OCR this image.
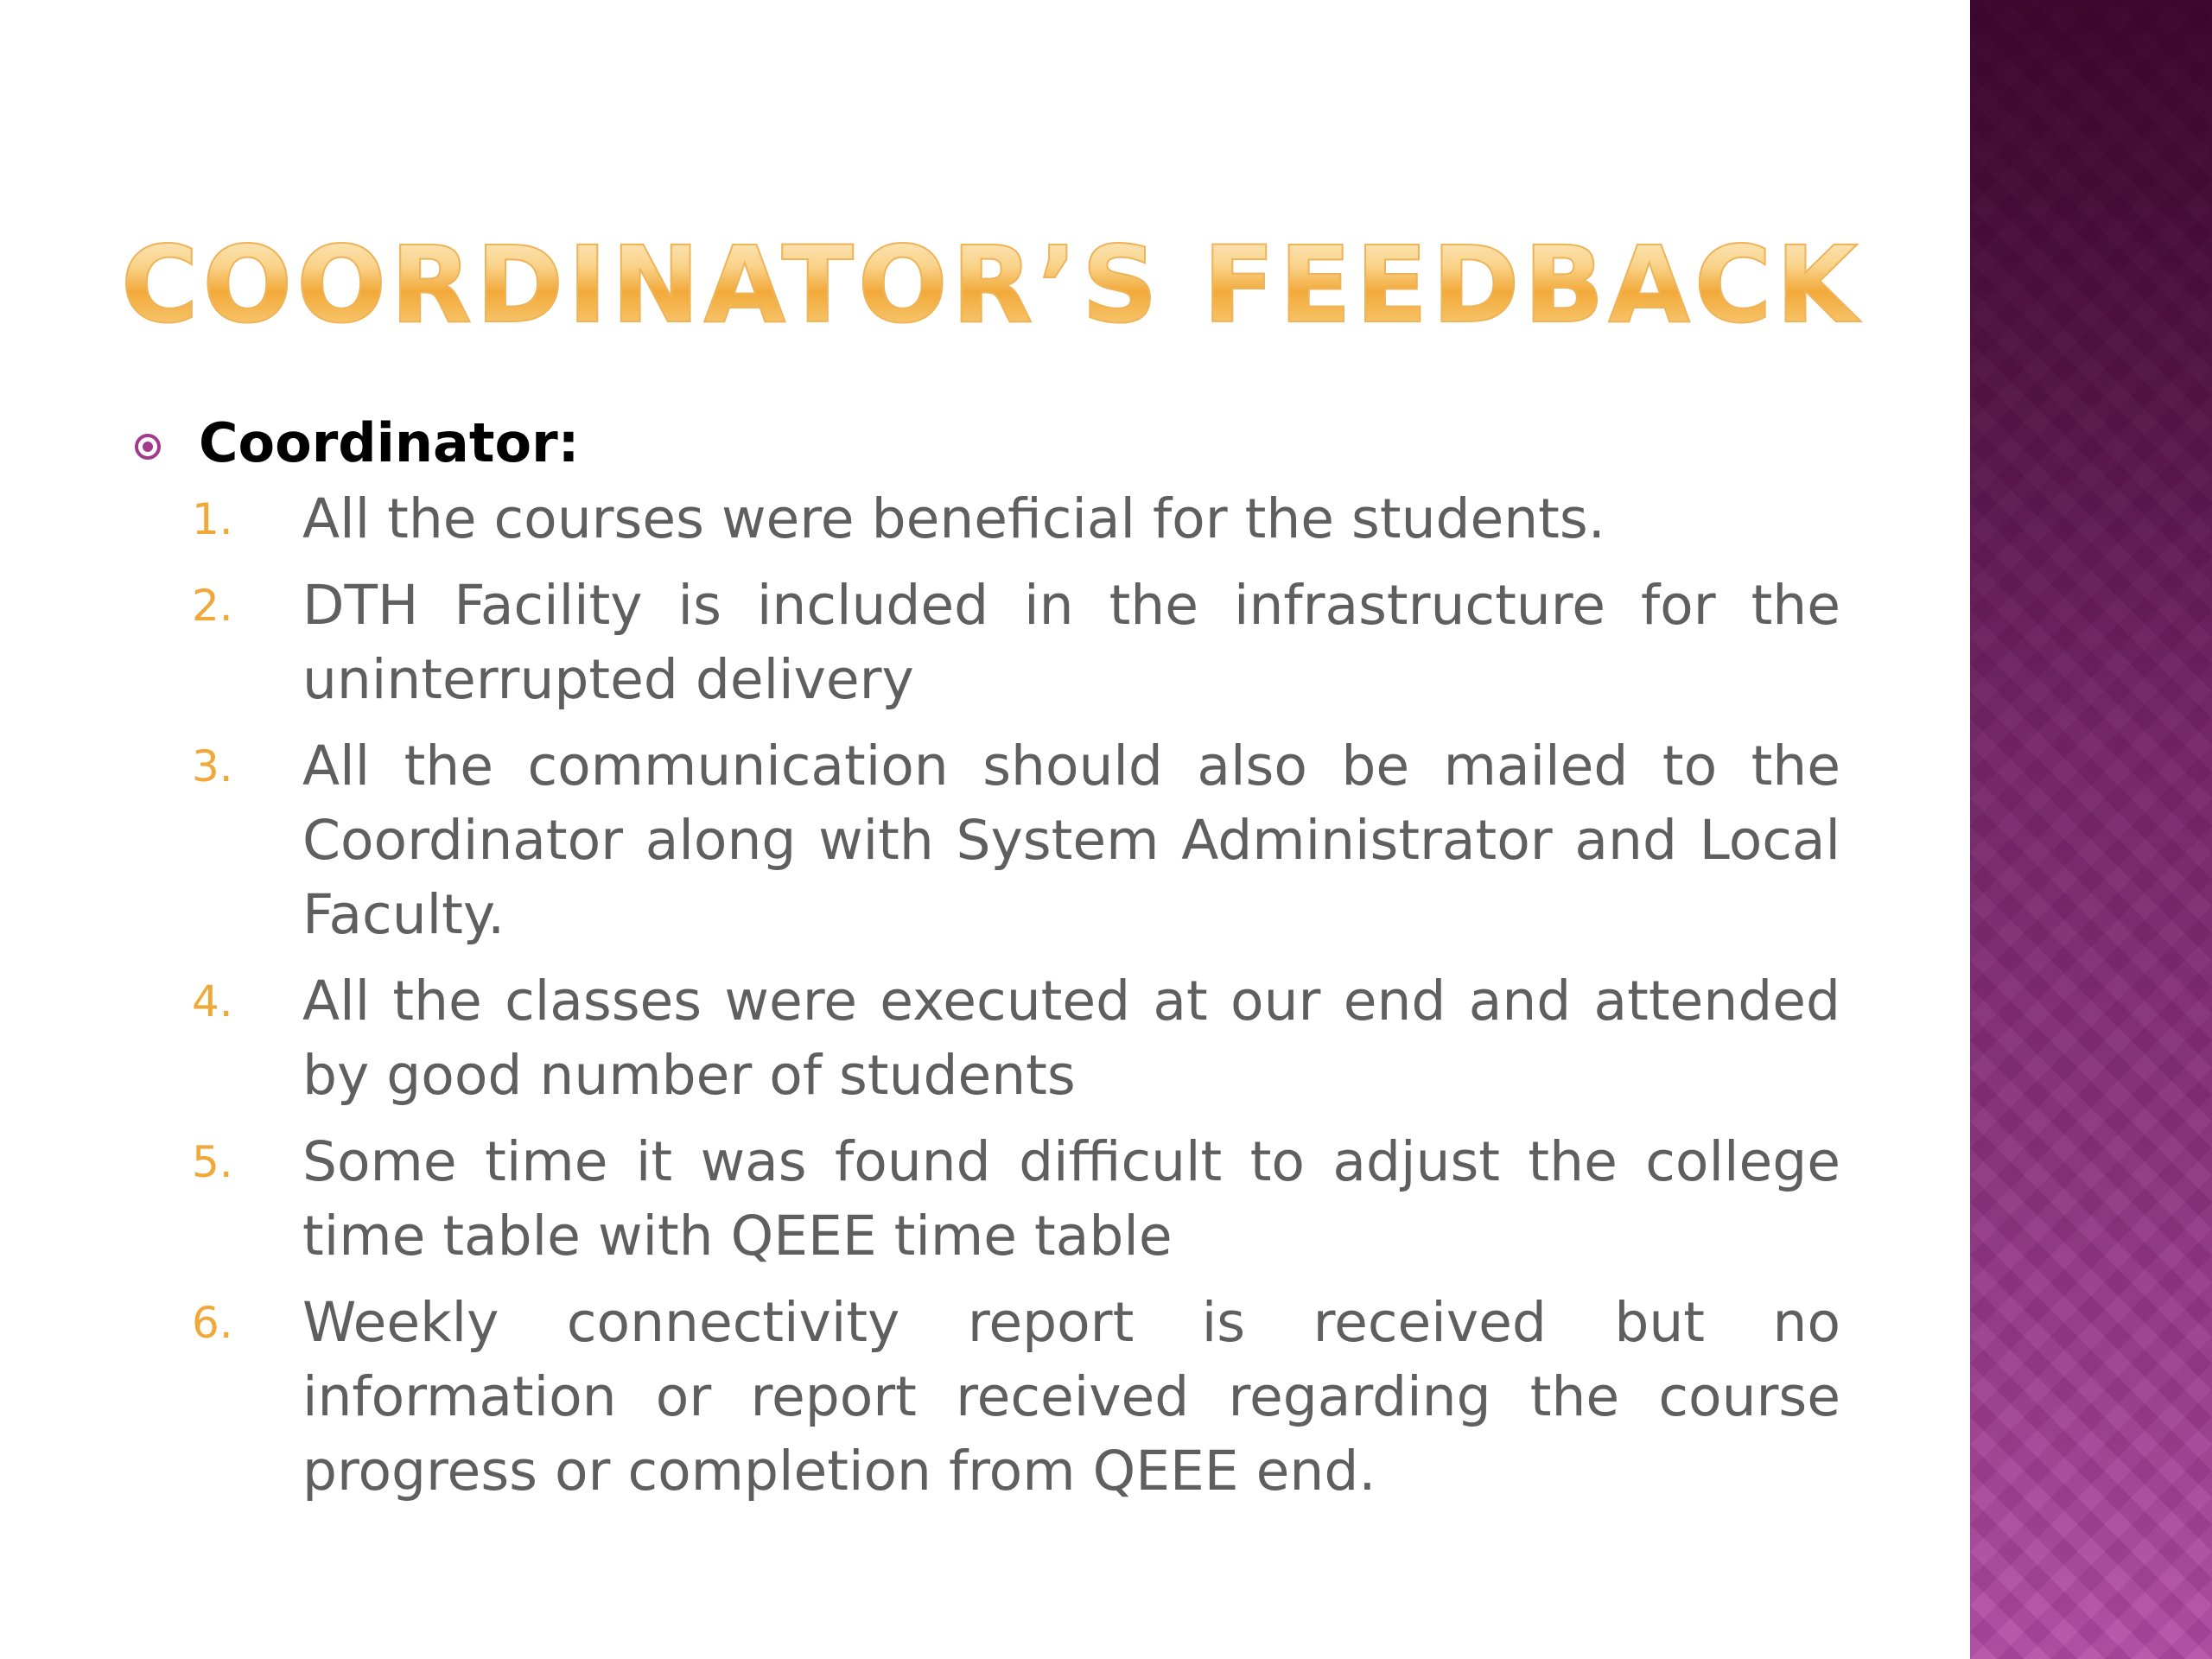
COORDINATOR’S FEEDBACK
Coordinator:
1. All the courses were beneficial for the students.
2. DTH Facility is included in the infrastructure for the uninterrupted delivery
3. All the communication should also be mailed to the Coordinator along with System Administrator and Local Faculty.
4. All the classes were executed at our end and attended by good number of students
5. Some time it was found difficult to adjust the college time table with QEEE time table
6. Weekly connectivity report is received but no information or report received regarding the course progress or completion from QEEE end.
